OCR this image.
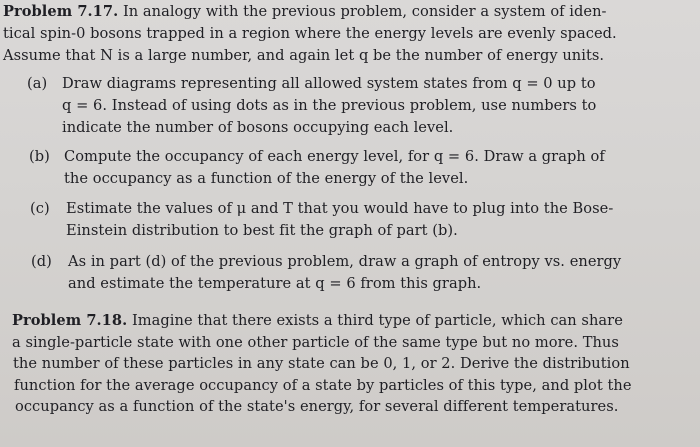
Problem 7.17. In analogy with the previous problem, consider a system of iden-
tical spin-0 bosons trapped in a region where the energy levels are evenly spaced.
Assume that N is a large number, and again let q be the number of energy units.
(a) Draw diagrams representing all allowed system states from q = 0 up to
q = 6. Instead of using dots as in the previous problem, use numbers to
indicate the number of bosons occupying each level.
(b) Compute the occupancy of each energy level, for q = 6. Draw a graph of
the occupancy as a function of the energy of the level.
(c) Estimate the values of μ and T that you would have to plug into the Bose-
Einstein distribution to best fit the graph of part (b).
(d) As in part (d) of the previous problem, draw a graph of entropy vs. energy
and estimate the temperature at q = 6 from this graph.
Problem 7.18. Imagine that there exists a third type of particle, which can share
a single-particle state with one other particle of the same type but no more. Thus
the number of these particles in any state can be 0, 1, or 2. Derive the distribution
function for the average occupancy of a state by particles of this type, and plot the
occupancy as a function of the state's energy, for several different temperatures.
